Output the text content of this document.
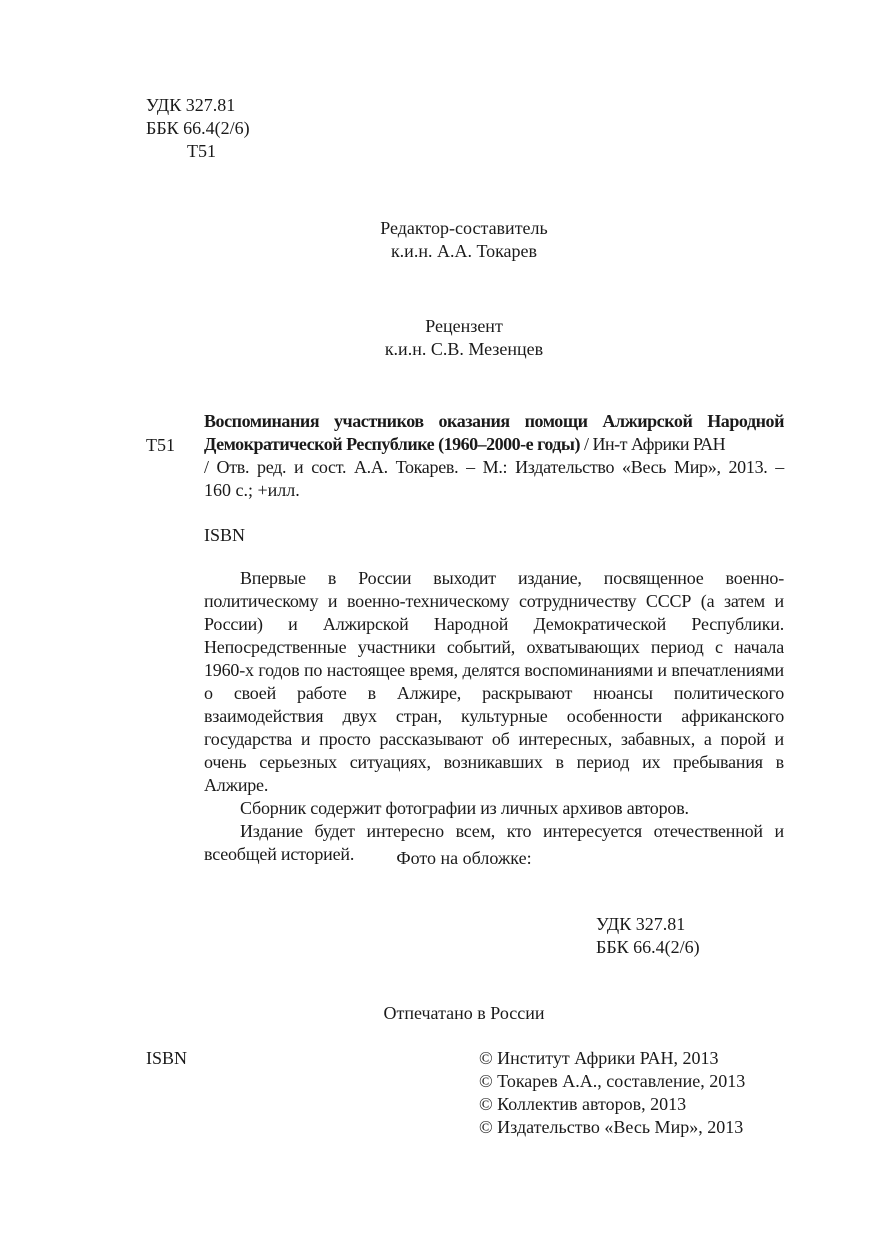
УДК 327.81
ББК 66.4(2/6)
Т51
Редактор-составитель
к.и.н. А.А. Токарев
Рецензент
к.и.н. С.В. Мезенцев
Т51
Воспоминания участников оказания помощи Алжирской Народной
Демократической Республике (1960–2000-е годы) / Ин-т Африки РАН
/ Отв. ред. и сост. А.А. Токарев. – М.: Издательство «Весь Мир», 2013. –
160 с.; +илл.
ISBN

Впервые в России выходит издание, посвященное военно-политическому и военно-техническому сотрудничеству СССР (а затем и России) и Алжирской Народной Демократической Республики. Непосредственные участники событий, охватывающих период с начала 1960-х годов по настоящее время, делятся воспоминаниями и впечатлениями о своей работе в Алжире, раскрывают нюансы политического взаимодействия двух стран, культурные особенности африканского государства и просто рассказывают об интересных, забавных, а порой и очень серьезных ситуациях, возникавших в период их пребывания в Алжире.

Сборник содержит фотографии из личных архивов авторов.

Издание будет интересно всем, кто интересуется отечественной и всеобщей историей.	Фото на обложке:
УДК 327.81
ББК 66.4(2/6)
Отпечатано в России
ISBN	© Институт Африки РАН, 2013
© Токарев А.А., составление, 2013
© Коллектив авторов, 2013
© Издательство «Весь Мир», 2013
